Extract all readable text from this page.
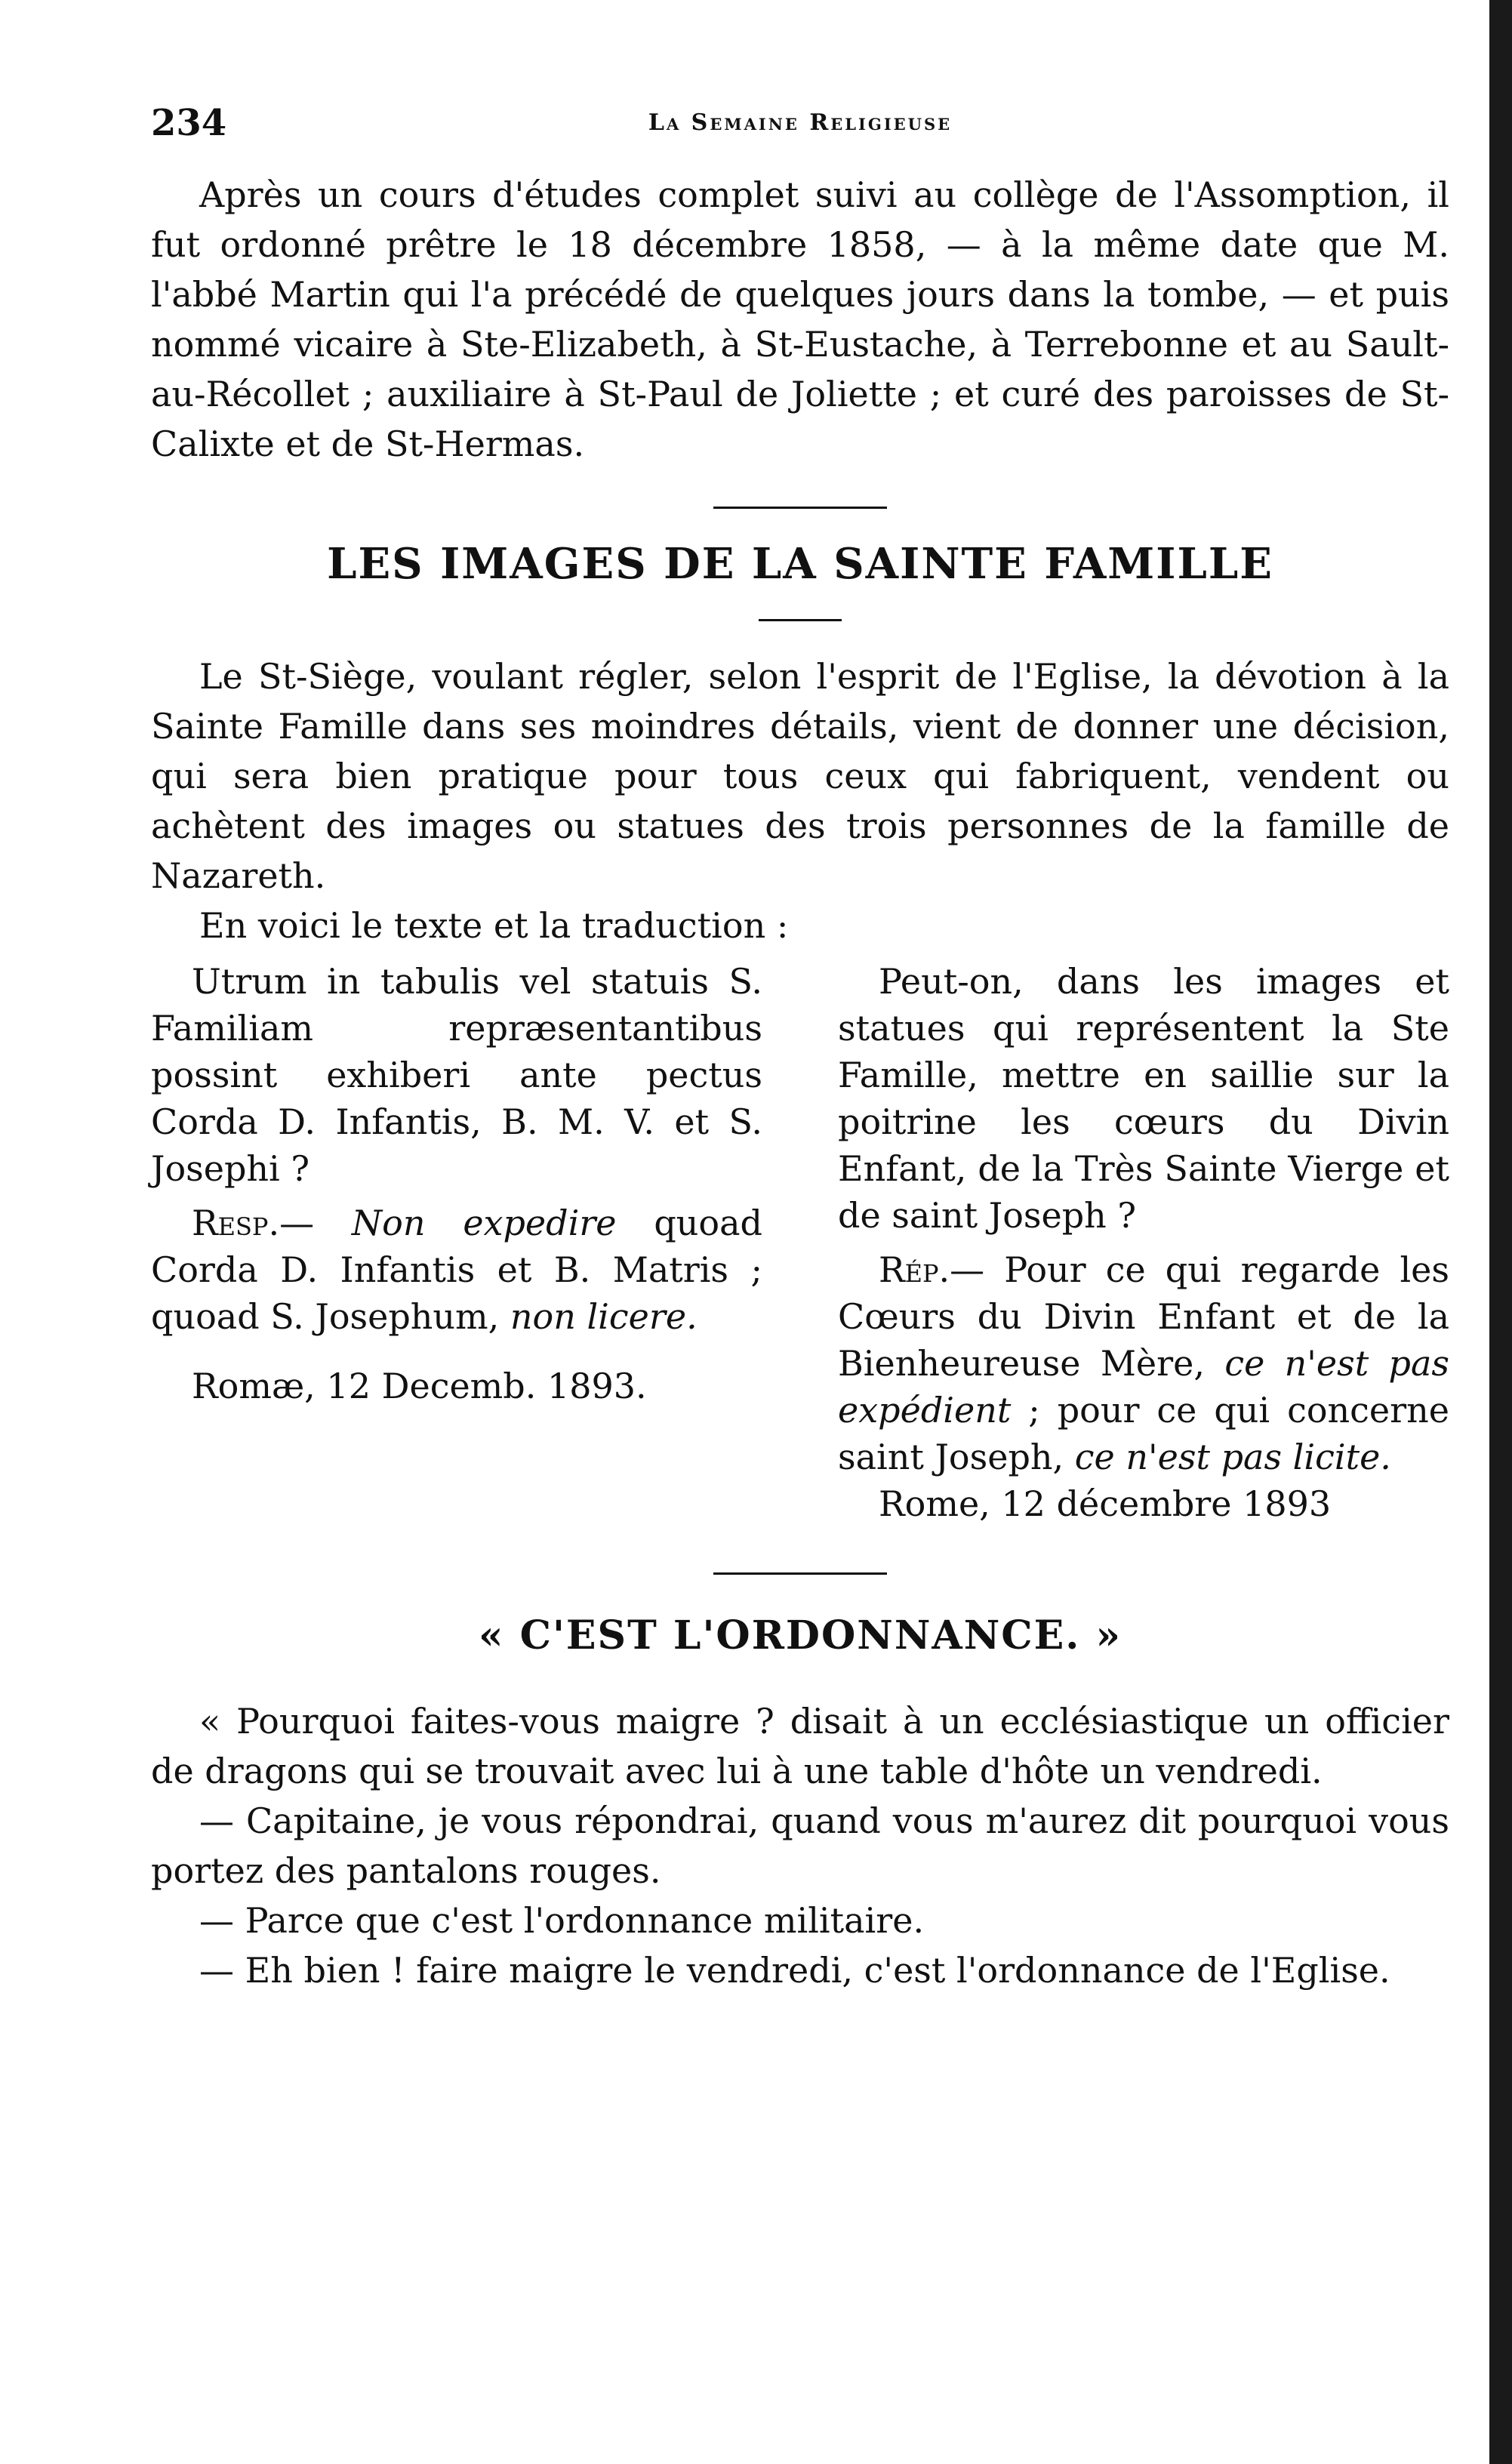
234	La Semaine Religieuse

Après un cours d'études complet suivi au collège de l'Assomption, il fut ordonné prêtre le 18 décembre 1858, — à la même date que M. l'abbé Martin qui l'a précédé de quelques jours dans la tombe, — et puis nommé vicaire à Ste-Elizabeth, à St-Eustache, à Terrebonne et au Sault-au-Récollet ; auxiliaire à St-Paul de Joliette ; et curé des paroisses de St-Calixte et de St-Hermas.

LES IMAGES DE LA SAINTE FAMILLE

Le St-Siège, voulant régler, selon l'esprit de l'Eglise, la dévotion à la Sainte Famille dans ses moindres détails, vient de donner une décision, qui sera bien pratique pour tous ceux qui fabriquent, vendent ou achètent des images ou statues des trois personnes de la famille de Nazareth.

En voici le texte et la traduction :

Utrum in tabulis vel statuis S. Familiam repræsentantibus possint exhiberi ante pectus Corda D. Infantis, B. M. V. et S. Josephi ?

Resp.— Non expedire quoad Corda D. Infantis et B. Matris ; quoad S. Josephum, non licere.

Romæ, 12 Decemb. 1893.

Peut-on, dans les images et statues qui représentent la Ste Famille, mettre en saillie sur la poitrine les cœurs du Divin Enfant, de la Très Sainte Vierge et de saint Joseph ?

Rép.— Pour ce qui regarde les Cœurs du Divin Enfant et de la Bienheureuse Mère, ce n'est pas expédient ; pour ce qui concerne saint Joseph, ce n'est pas licite.

Rome, 12 décembre 1893

« C'EST L'ORDONNANCE. »

« Pourquoi faites-vous maigre ? disait à un ecclésiastique un officier de dragons qui se trouvait avec lui à une table d'hôte un vendredi.

— Capitaine, je vous répondrai, quand vous m'aurez dit pourquoi vous portez des pantalons rouges.

— Parce que c'est l'ordonnance militaire.

— Eh bien ! faire maigre le vendredi, c'est l'ordonnance de l'Eglise.
